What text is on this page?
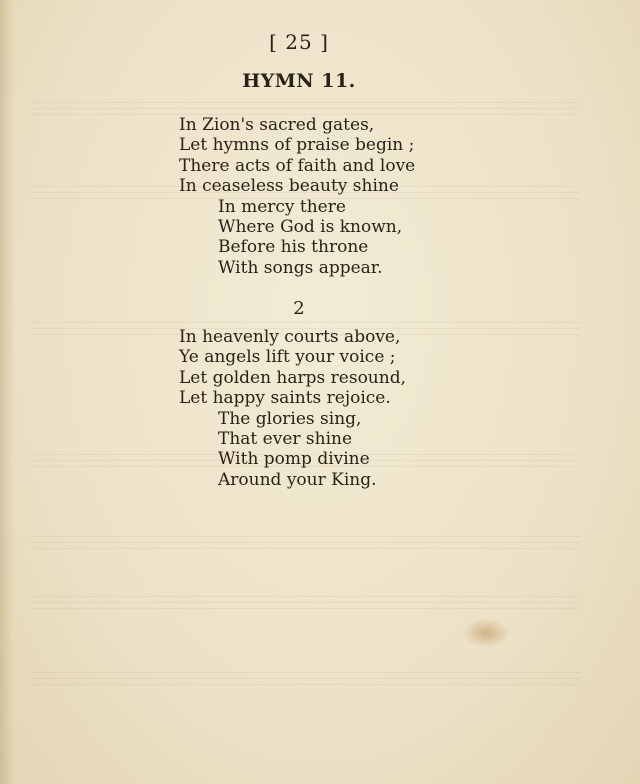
[ 25 ]
HYMN 11.
In Zion's sacred gates,
Let hymns of praise begin ;
There acts of faith and love
In ceaseless beauty shine
In mercy there
Where God is known,
Before his throne
With songs appear.
2
In heavenly courts above,
Ye angels lift your voice ;
Let golden harps resound,
Let happy saints rejoice.
The glories sing,
That ever shine
With pomp divine
Around your King.
